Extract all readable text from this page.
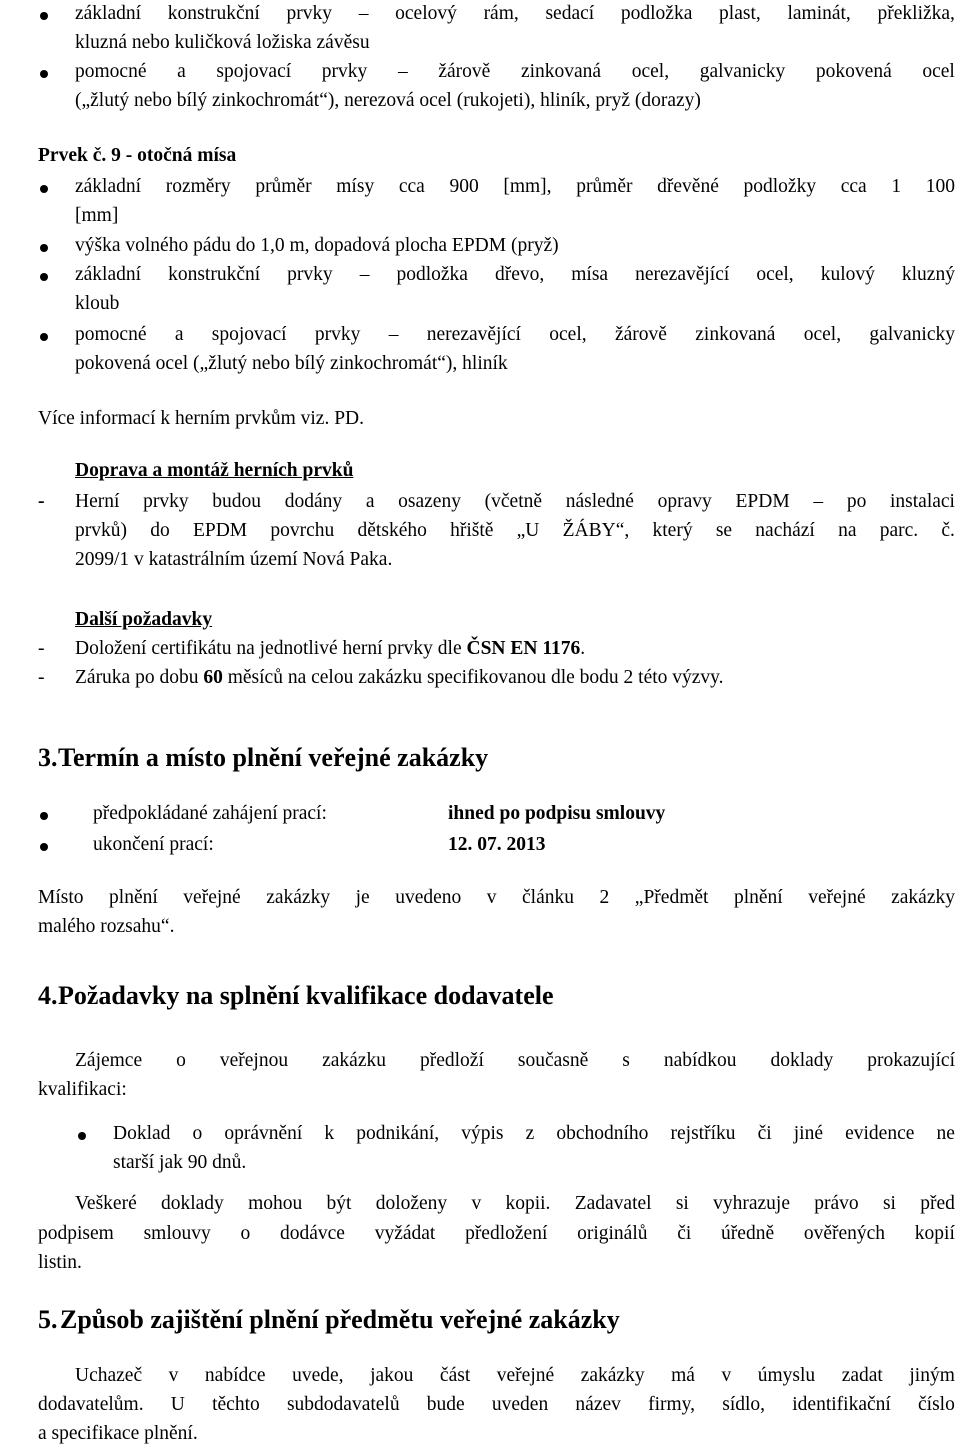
základní konstrukční prvky – ocelový rám, sedací podložka plast, laminát, překližka,
kluzná nebo kuličková ložiska závěsu
pomocné a spojovací prvky – žárově zinkovaná ocel, galvanicky pokovená ocel
(„žlutý nebo bílý zinkochromát“), nerezová ocel (rukojeti), hliník, pryž (dorazy)
Prvek č. 9 - otočná mísa
základní rozměry průměr mísy cca 900 [mm], průměr dřevěné podložky cca 1 100
[mm]
výška volného pádu do 1,0 m, dopadová plocha EPDM (pryž)
základní konstrukční prvky – podložka dřevo, mísa nerezavějící ocel, kulový kluzný
kloub
pomocné a spojovací prvky – nerezavějící ocel, žárově zinkovaná ocel, galvanicky
pokovená ocel („žlutý nebo bílý zinkochromát“), hliník
Více informací k herním prvkům viz. PD.
Doprava a montáž herních prvků
- Herní prvky budou dodány a osazeny (včetně následné opravy EPDM – po instalaci
prvků) do EPDM povrchu dětského hřiště „U ŽÁBY“, který se nachází na parc. č.
2099/1 v katastrálním území Nová Paka.
Další požadavky
- Doložení certifikátu na jednotlivé herní prvky dle ČSN EN 1176.
- Záruka po dobu 60 měsíců na celou zakázku specifikovanou dle bodu 2 této výzvy.
3. Termín a místo plnění veřejné zakázky
předpokládané zahájení prací:	ihned po podpisu smlouvy
ukončení prací:	12. 07. 2013
Místo plnění veřejné zakázky je uvedeno v článku 2 „Předmět plnění veřejné zakázky
malého rozsahu“.
4. Požadavky na splnění kvalifikace dodavatele
Zájemce o veřejnou zakázku předloží současně s nabídkou doklady prokazující
kvalifikaci:
Doklad o oprávnění k podnikání, výpis z obchodního rejstříku či jiné evidence ne
starší jak 90 dnů.
Veškeré doklady mohou být doloženy v kopii. Zadavatel si vyhrazuje právo si před
podpisem smlouvy o dodávce vyžádat předložení originálů či úředně ověřených kopií
listin.
5. Způsob zajištění plnění předmětu veřejné zakázky
Uchazeč v nabídce uvede, jakou část veřejné zakázky má v úmyslu zadat jiným
dodavatelům. U těchto subdodavatelů bude uveden název firmy, sídlo, identifikační číslo
a specifikace plnění.
